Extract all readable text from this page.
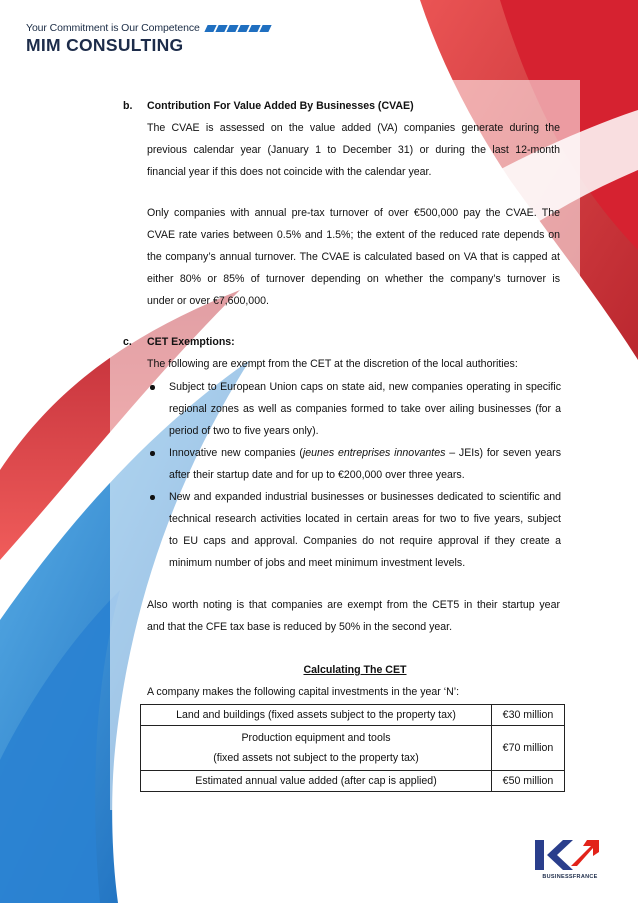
Your Commitment is Our Competence
MIM CONSULTING
b. Contribution For Value Added By Businesses (CVAE)
The CVAE is assessed on the value added (VA) companies generate during the
previous calendar year (January 1 to December 31) or during the last 12-month
financial year if this does not coincide with the calendar year.
Only companies with annual pre-tax turnover of over €500,000 pay the CVAE. The
CVAE rate varies between 0.5% and 1.5%; the extent of the reduced rate depends on
the company’s annual turnover. The CVAE is calculated based on VA that is capped at
either 80% or 85% of turnover depending on whether the company’s turnover is
under or over €7,600,000.
c. CET Exemptions:
The following are exempt from the CET at the discretion of the local authorities:
Subject to European Union caps on state aid, new companies operating in specific
regional zones as well as companies formed to take over ailing businesses (for a
period of two to five years only).
Innovative new companies (jeunes entreprises innovantes – JEIs) for seven years
after their startup date and for up to €200,000 over three years.
New and expanded industrial businesses or businesses dedicated to scientific and
technical research activities located in certain areas for two to five years, subject
to EU caps and approval. Companies do not require approval if they create a
minimum number of jobs and meet minimum investment levels.
Also worth noting is that companies are exempt from the CET5 in their startup year
and that the CFE tax base is reduced by 50% in the second year.
Calculating The CET
A company makes the following capital investments in the year ‘N’:
Land and buildings (fixed assets subject to the property tax)	€30 million

Production equipment and tools
(fixed assets not subject to the property tax)	€70 million
Estimated annual value added (after cap is applied)	€50 million
BUSINESSFRANCE
